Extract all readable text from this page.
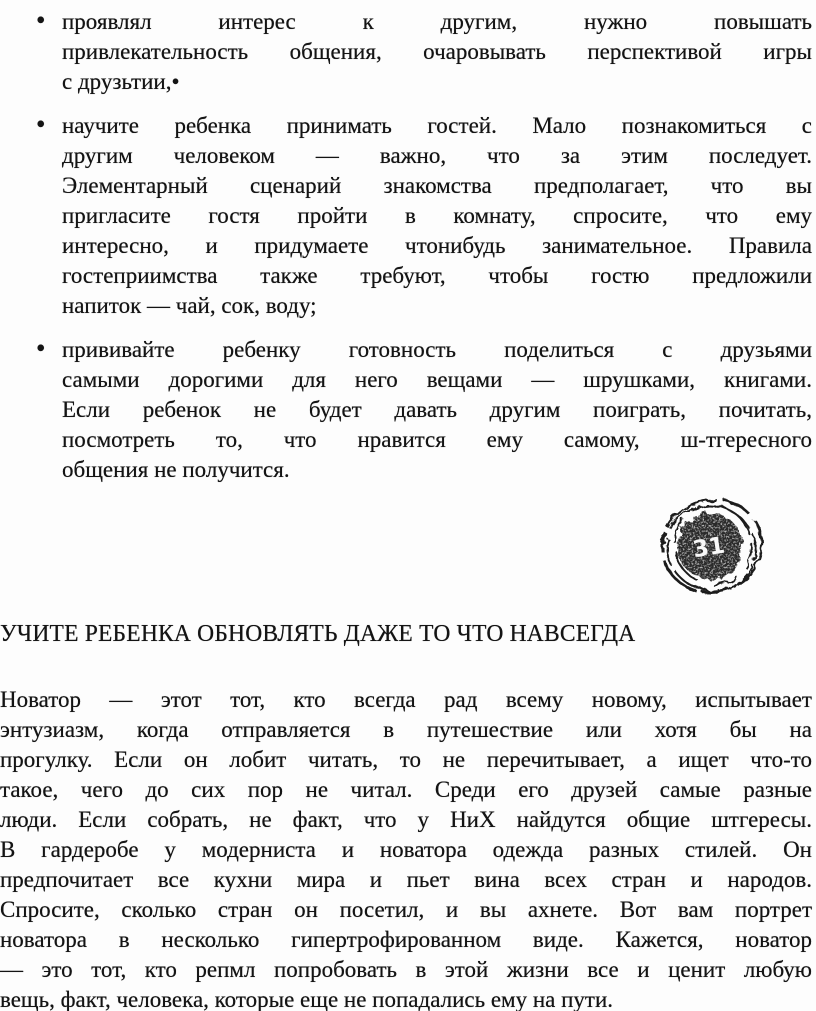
• проявлял интерес к другим, нужно повышать
привлекательность общения, очаровывать перспективой игры
с друзьтии,•
• научите ребенка принимать гостей. Мало познакомиться с
другим человеком — важно, что за этим последует.
Элементарный сценарий знакомства предполагает, что вы
пригласите гостя пройти в комнату, спросите, что ему
интересно, и придумаете чтонибудь занимательное. Правила
гостеприимства также требуют, чтобы гостю предложили
напиток — чай, сок, воду;
• прививайте ребенку готовность поделиться с друзьями
самыми дорогими для него вещами — шрушками, книгами.
Если ребенок не будет давать другим поиграть, почитать,
посмотреть то, что нравится ему самому, ш-тгересного
общения не получится.
31
УЧИТЕ РЕБЕНКА ОБНОВЛЯТЬ ДАЖЕ ТО ЧТО НАВСЕГДА
Новатор — этот тот, кто всегда рад всему новому, испытывает
энтузиазм, когда отправляется в путешествие или хотя бы на
прогулку. Если он лобит читать, то не перечитывает, а ищет что-то
такое, чего до сих пор не читал. Среди его друзей самые разные
люди. Если собрать, не факт, что у НиХ найдутся общие штгересы.
В гардеробе у модерниста и новатора одежда разных стилей. Он
предпочитает все кухни мира и пьет вина всех стран и народов.
Спросите, сколько стран он посетил, и вы ахнете. Вот вам портрет
новатора в несколько гипертрофированном виде. Кажется, новатор
— это тот, кто репмл попробовать в этой жизни все и ценит любую
вещь, факт, человека, которые еще не попадались ему на пути.
